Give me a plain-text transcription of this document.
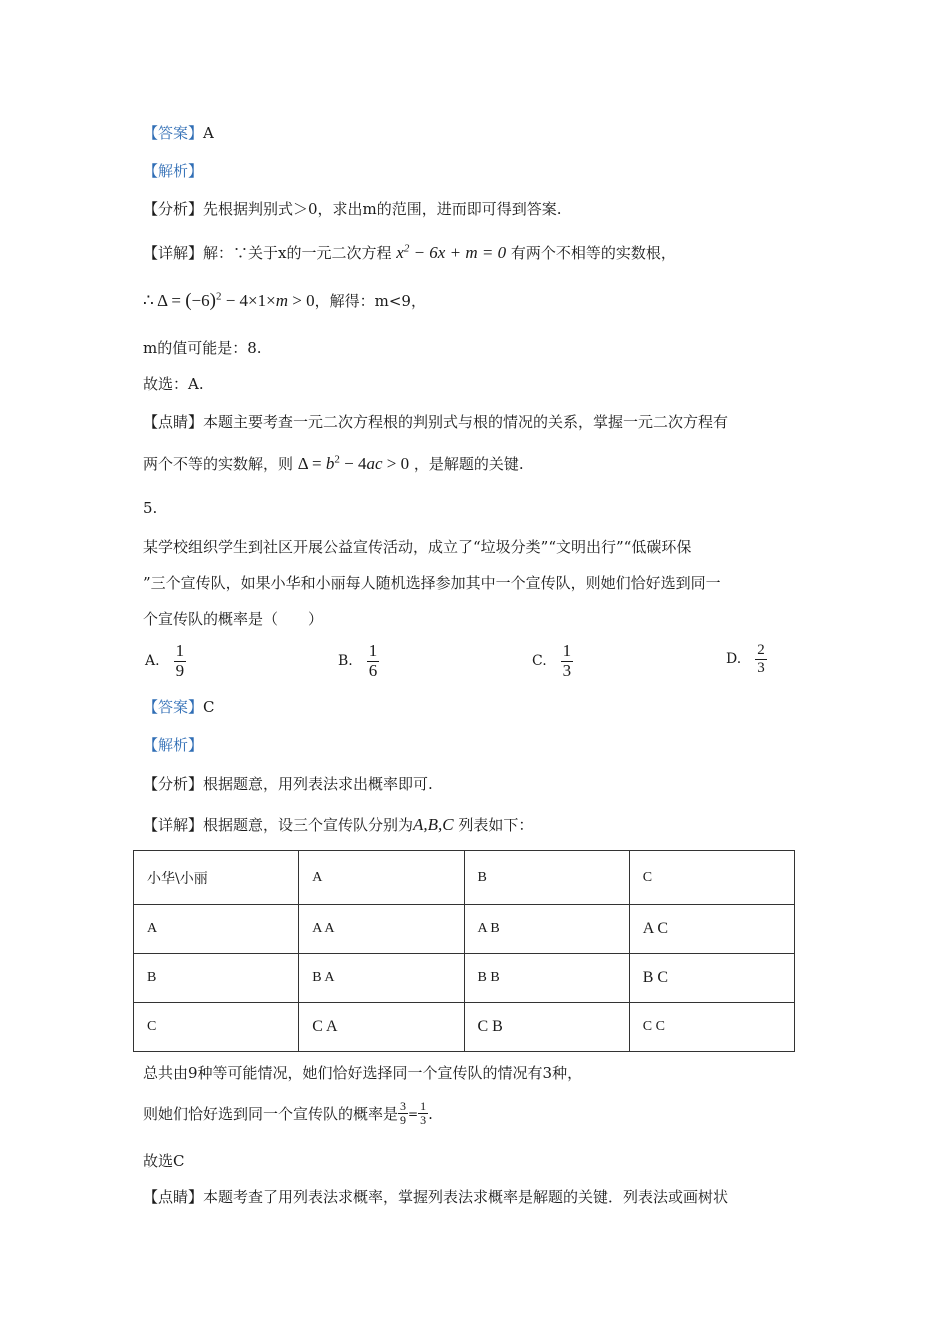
【答案】A
【解析】
【分析】先根据判别式＞0，求出m的范围，进而即可得到答案.
【详解】解：∵关于x的一元二次方程 $x^2 - 6x + m = 0$ 有两个不相等的实数根，
∴ $\Delta = (-6)^2 - 4\times 1\times m > 0$，解得：m<9，
m的值可能是：8.
故选：A.
【点睛】本题主要考查一元二次方程根的判别式与根的情况的关系，掌握一元二次方程有
两个不等的实数解，则 $\Delta = b^2 - 4ac > 0$ ，是解题的关键.
5.
某学校组织学生到社区开展公益宣传活动，成立了“垃圾分类”“文明出行”“低碳环保
”三个宣传队，如果小华和小丽每人随机选择参加其中一个宣传队，则她们恰好选到同一
个宣传队的概率是（　　）
A. $\frac{1}{9}$	B. $\frac{1}{6}$	C. $\frac{1}{3}$	D. $\frac{2}{3}$
【答案】C
【解析】
【分析】根据题意，用列表法求出概率即可.
【详解】根据题意，设三个宣传队分别为A,B,C 列表如下：
小华\小丽	A	B	C
A	A A	A B	A C
B	B A	B B	B C
C	C A	C B	C C
总共由9种等可能情况，她们恰好选择同一个宣传队的情况有3种，
则她们恰好选到同一个宣传队的概率是 $\frac{3}{9} = \frac{1}{3}$ .
故选C
【点睛】本题考查了用列表法求概率，掌握列表法求概率是解题的关键．列表法或画树状
